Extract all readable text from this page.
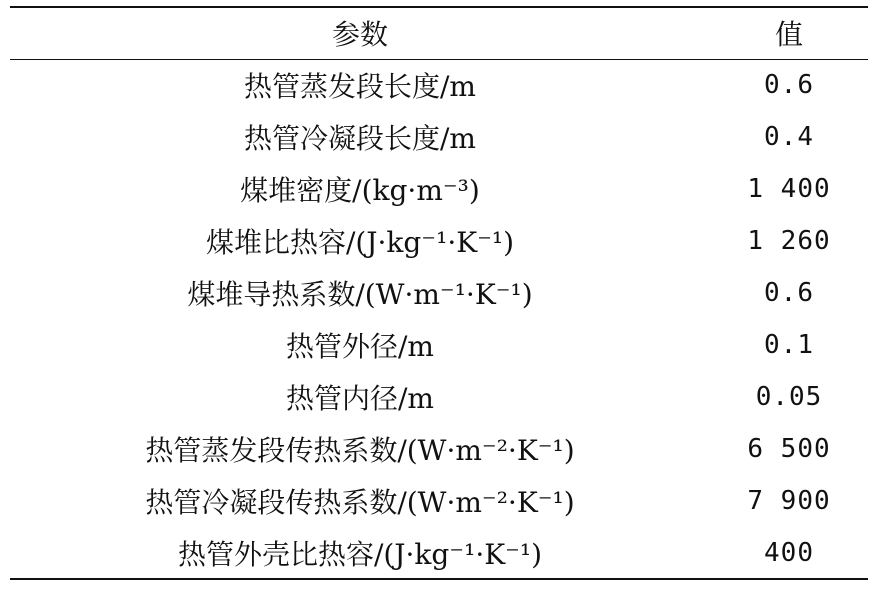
参数	值
热管蒸发段长度/m	0.6
热管冷凝段长度/m	0.4
煤堆密度/(kg·m⁻³)	1 400
煤堆比热容/(J·kg⁻¹·K⁻¹)	1 260
煤堆导热系数/(W·m⁻¹·K⁻¹)	0.6
热管外径/m	0.1
热管内径/m	0.05
热管蒸发段传热系数/(W·m⁻²·K⁻¹)	6 500
热管冷凝段传热系数/(W·m⁻²·K⁻¹)	7 900
热管外壳比热容/(J·kg⁻¹·K⁻¹)	400
